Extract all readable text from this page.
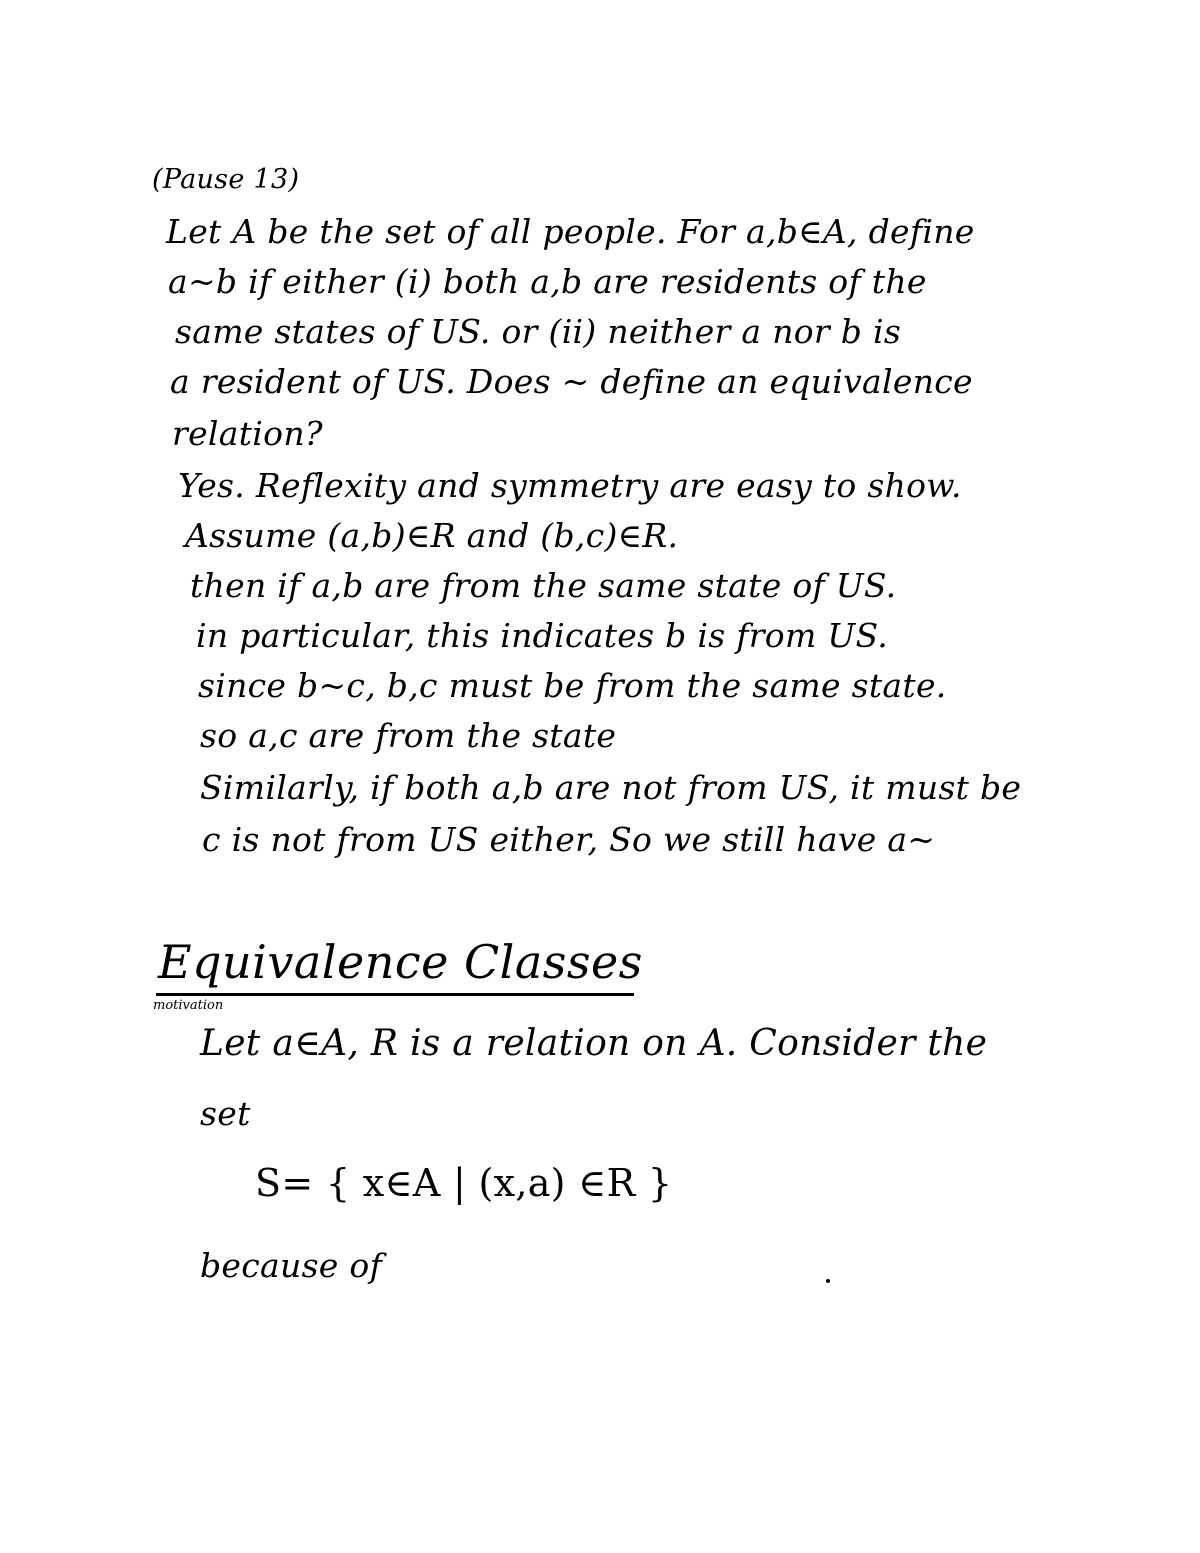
(Pause 13)
Let A be the set of all people. For a,b∈A, define
a~b if either (i) both a,b are residents of the
same states of US. or (ii) neither a nor b is
a resident of US. Does ~ define an equivalence
relation?
Yes. Reflexity and symmetry are easy to show.
Assume (a,b)∈R and (b,c)∈R.
then if a,b are from the same state of US.
in particular, this indicates b is from US.
since b~c, b,c must be from the same state.
so a,c are from the state
Similarly, if both a,b are not from US, it must be
c is not from US either, So we still have a~
Equivalence Classes
motivation
Let a∈A, R is a relation on A. Consider the
set
S= { x∈A | (x,a) ∈R }
because of
